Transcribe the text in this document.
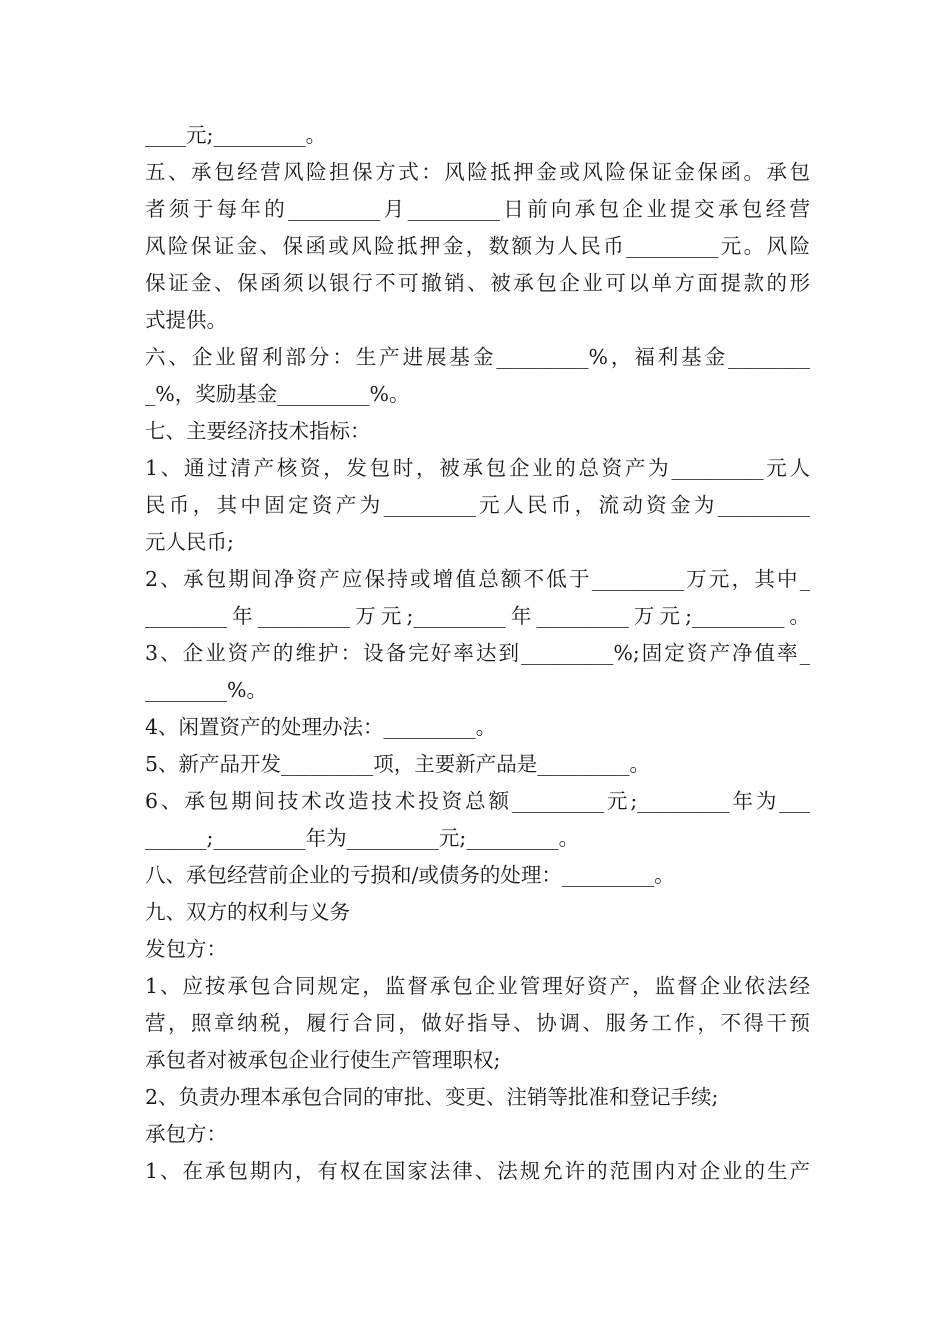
____元;_________。
五、承包经营风险担保方式：风险抵押金或风险保证金保函。承包
者须于每年的_________月_________日前向承包企业提交承包经营
风险保证金、保函或风险抵押金，数额为人民币_________元。风险
保证金、保函须以银行不可撤销、被承包企业可以单方面提款的形
式提供。
六、企业留利部分：生产进展基金_________%，福利基金________
_%，奖励基金_________%。
七、主要经济技术指标：
1、通过清产核资，发包时，被承包企业的总资产为_________元人
民币，其中固定资产为_________元人民币，流动资金为_________
元人民币;
2、承包期间净资产应保持或增值总额不低于_________万元，其中_
________年_________万元;_________年_________万元;_________。
3、企业资产的维护：设备完好率达到_________%;固定资产净值率_
________%。
4、闲置资产的处理办法：_________。
5、新产品开发_________项，主要新产品是_________。
6、承包期间技术改造技术投资总额_________元;_________年为___
______;_________年为_________元;_________。
八、承包经营前企业的亏损和/或债务的处理：_________。
九、双方的权利与义务
发包方：
1、应按承包合同规定，监督承包企业管理好资产，监督企业依法经
营，照章纳税，履行合同，做好指导、协调、服务工作，不得干预
承包者对被承包企业行使生产管理职权;
2、负责办理本承包合同的审批、变更、注销等批准和登记手续;
承包方：
1、在承包期内，有权在国家法律、法规允许的范围内对企业的生产
